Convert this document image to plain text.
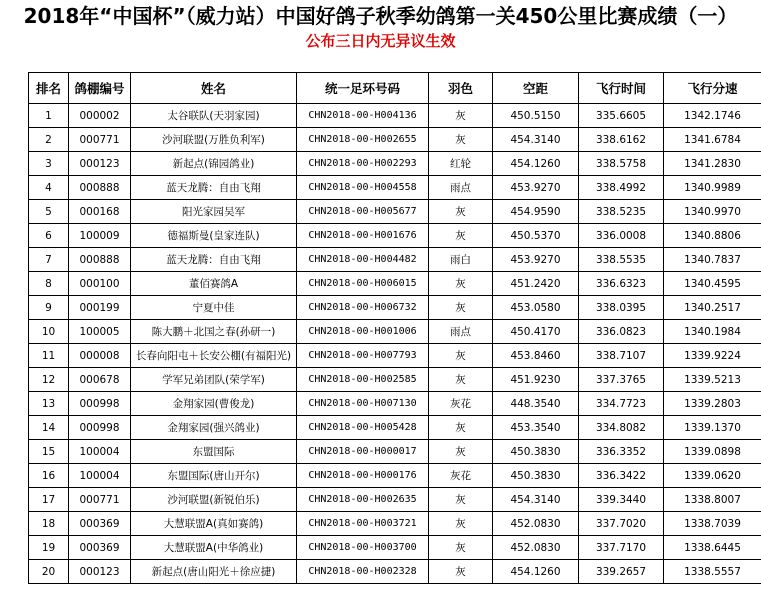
2018年“中国杯”（威力站）中国好鸽子秋季幼鸽第一关450公里比赛成绩（一）
公布三日内无异议生效
排名	鸽棚编号	姓名	统一足环号码	羽色	空距	飞行时间	飞行分速
1	000002	太谷联队(天羽家园)	CHN2018-00-H004136	灰	450.5150	335.6605	1342.1746
2	000771	沙河联盟(万胜负利军)	CHN2018-00-H002655	灰	454.3140	338.6162	1341.6784
3	000123	新起点(锦园鸽业)	CHN2018-00-H002293	红轮	454.1260	338.5758	1341.2830
4	000888	蓝天龙腾：自由飞翔	CHN2018-00-H004558	雨点	453.9270	338.4992	1340.9989
5	000168	阳光家园吴军	CHN2018-00-H005677	灰	454.9590	338.5235	1340.9970
6	100009	德福斯曼(皇家连队)	CHN2018-00-H001676	灰	450.5370	336.0008	1340.8806
7	000888	蓝天龙腾：自由飞翔	CHN2018-00-H004482	雨白	453.9270	338.5535	1340.7837
8	000100	董佰赛鸽A	CHN2018-00-H006015	灰	451.2420	336.6323	1340.4595
9	000199	宁夏中佳	CHN2018-00-H006732	灰	453.0580	338.0395	1340.2517
10	100005	陈大鹏＋北国之春(孙研一)	CHN2018-00-H001006	雨点	450.4170	336.0823	1340.1984
11	000008	长春向阳屯＋长安公棚(有福阳光)	CHN2018-00-H007793	灰	453.8460	338.7107	1339.9224
12	000678	学军兄弟团队(荣学军)	CHN2018-00-H002585	灰	451.9230	337.3765	1339.5213
13	000998	金翔家园(曹俊龙)	CHN2018-00-H007130	灰花	448.3540	334.7723	1339.2803
14	000998	金翔家园(强兴鸽业)	CHN2018-00-H005428	灰	453.3540	334.8082	1339.1370
15	100004	东盟国际	CHN2018-00-H000017	灰	450.3830	336.3352	1339.0898
16	100004	东盟国际(唐山开尔)	CHN2018-00-H000176	灰花	450.3830	336.3422	1339.0620
17	000771	沙河联盟(新锐伯乐)	CHN2018-00-H002635	灰	454.3140	339.3440	1338.8007
18	000369	大慧联盟A(真如赛鸽)	CHN2018-00-H003721	灰	452.0830	337.7020	1338.7039
19	000369	大慧联盟A(中华鸽业)	CHN2018-00-H003700	灰	452.0830	337.7170	1338.6445
20	000123	新起点(唐山阳光＋徐应捷)	CHN2018-00-H002328	灰	454.1260	339.2657	1338.5557
